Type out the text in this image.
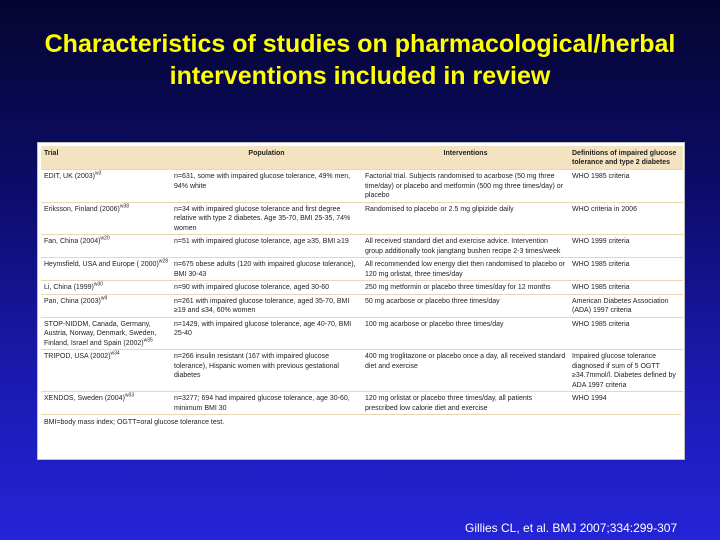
Characteristics of studies on pharmacological/herbal
interventions included in review
Trial	Population	Interventions	Definitions of impaired glucose tolerance and type 2 diabetes
EDIT, UK $(2003)^{w3}$	n=631, some with impaired glucose tolerance, 49% men, 94% white	Factorial trial. Subjects randomised to acarbose (50 mg three time/day) or placebo and metformin (500 mg three times/day) or placebo	WHO 1985 criteria
Eriksson, Finland $(2006)^{w38}$	n=34 with impaired glucose tolerance and first degree relative with type 2 diabetes. Age 35-70, BMI 25-35, 74% women	Randomised to placebo or 2.5 mg glipizide daily	WHO criteria in 2006
Fan, China $(2004)^{w20}$	n=51 with impaired glucose tolerance, age ≥35, BMI ≥19	All received standard diet and exercise advice. Intervention group additionally took jiangtang bushen recipe 2-3 times/week	WHO 1999 criteria
Heymsfield, USA and Europe ( 2000)$^{w28}$	n=675 obese adults (120 with impaired glucose tolerance), BMI 30-43	All recommended low energy diet then randomised to placebo or 120 mg orlistat, three times/day	WHO 1985 criteria
Li, China $(1999)^{w30}$	n=90 with impaired glucose tolerance, aged 30-60	250 mg metformin or placebo three times/day for 12 months	WHO 1985 criteria
Pan, China $(2003)^{w9}$	n=261 with impaired glucose tolerance, aged 35-70, BMI ≥19 and ≤34, 60% women	50 mg acarbose or placebo three times/day	American Diabetes Association (ADA) 1997 criteria
STOP-NIDDM, Canada, Germany, Austria, Norway, Denmark, Sweden, Finland, Israel and Spain $(2002)^{w35}$	n=1429, with impaired glucose tolerance, age 40-70, BMI 25-40	100 mg acarbose or placebo three times/day	WHO 1985 criteria
TRIPOD, USA $(2002)^{w34}$	n=266 insulin resistant (167 with impaired glucose tolerance), Hispanic women with previous gestational diabetes	400 mg troglitazone or placebo once a day, all received standard diet and exercise	Impaired glucose tolerance diagnosed if sum of 5 OGTT ≥34.7mmol/l. Diabetes defined by ADA 1997 criteria
XENDOS, Sweden $(2004)^{w33}$	n=3277; 694 had impaired glucose tolerance, age 30-60, minimum BMI 30	120 mg orlistat or placebo three times/day, all patients prescribed low calorie diet and exercise	WHO 1994
BMI=body mass index; OGTT=oral glucose tolerance test.
Gillies CL, et al. BMJ 2007;334:299-307
